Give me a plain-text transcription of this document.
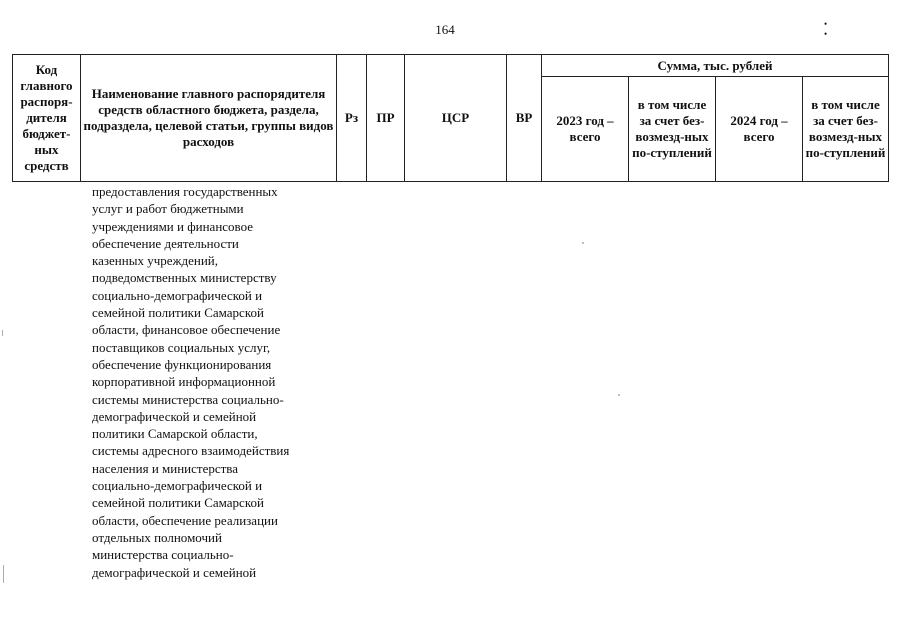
164	• •
Код главного распоря-дителя бюджет-ных средств	Наименование главного распорядителя средств областного бюджета, раздела, подраздела, целевой статьи, группы видов расходов	Рз	ПР	ЦСР	ВР	Сумма, тыс. рублей			
						2023 год – всего	в том числе за счет без-возмезд-ных по-ступлений	2024 год – всего	в том числе за счет без-возмезд-ных по-ступлений

предоставления государственных
услуг и работ бюджетными
учреждениями и финансовое
обеспечение деятельности
казенных учреждений,
подведомственных министерству
социально-демографической и
семейной политики Самарской
области, финансовое обеспечение
поставщиков социальных услуг,
обеспечение функционирования
корпоративной информационной
системы министерства социально-
демографической и семейной
политики Самарской области,
системы адресного взаимодействия
населения и министерства
социально-демографической и
семейной политики Самарской
области, обеспечение реализации
отдельных полномочий
министерства социально-
демографической и семейной
